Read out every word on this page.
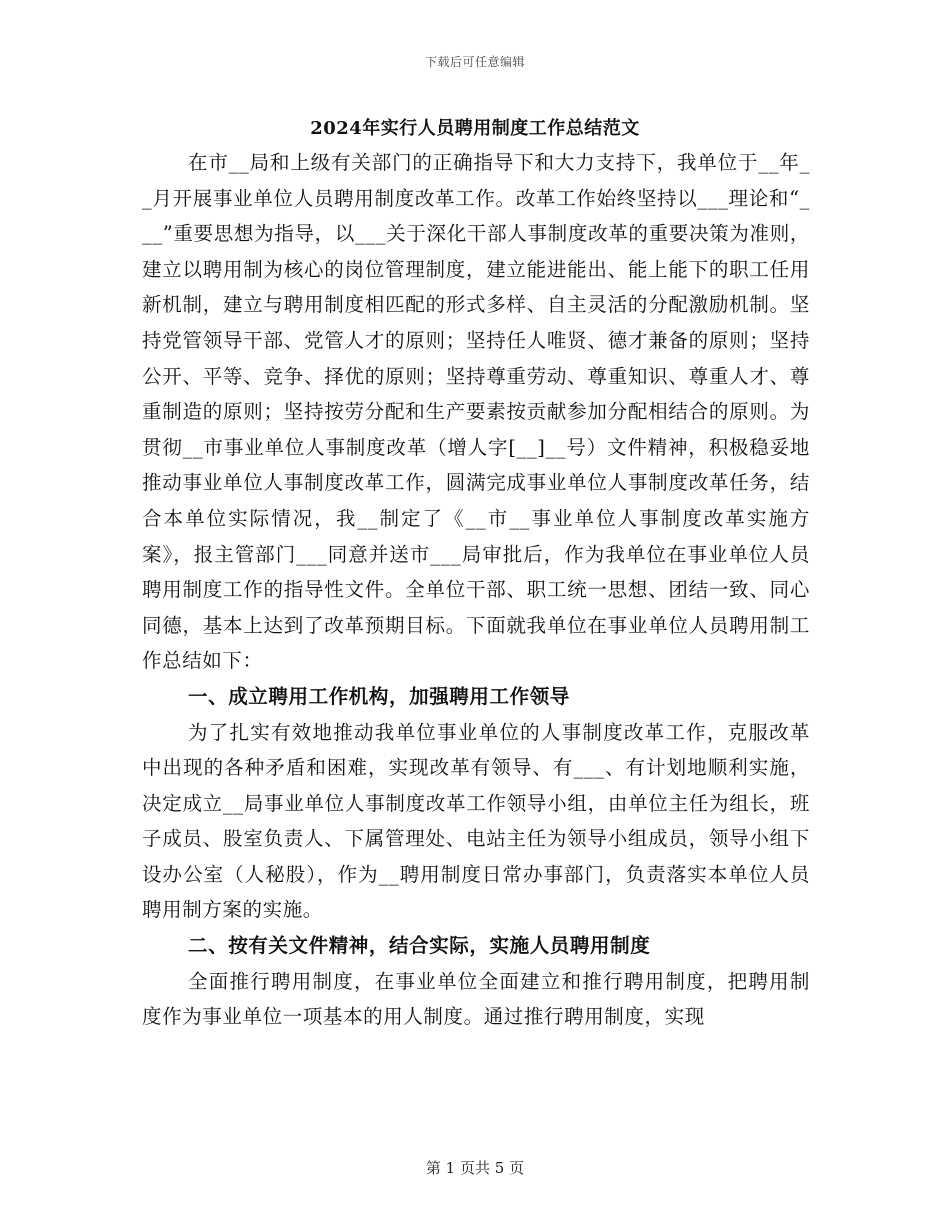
下载后可任意编辑
2024年实行人员聘用制度工作总结范文

在市__局和上级有关部门的正确指导下和大力支持下，我单位于__年__月开展事业单位人员聘用制度改革工作。改革工作始终坚持以___理论和“___”重要思想为指导，以___关于深化干部人事制度改革的重要决策为准则，建立以聘用制为核心的岗位管理制度，建立能进能出、能上能下的职工任用新机制，建立与聘用制度相匹配的形式多样、自主灵活的分配激励机制。坚持党管领导干部、党管人才的原则；坚持任人唯贤、德才兼备的原则；坚持公开、平等、竞争、择优的原则；坚持尊重劳动、尊重知识、尊重人才、尊重制造的原则；坚持按劳分配和生产要素按贡献参加分配相结合的原则。为贯彻__市事业单位人事制度改革（增人字[__]__号）文件精神，积极稳妥地推动事业单位人事制度改革工作，圆满完成事业单位人事制度改革任务，结合本单位实际情况，我__制定了《__市__事业单位人事制度改革实施方案》，报主管部门___同意并送市___局审批后，作为我单位在事业单位人员聘用制度工作的指导性文件。全单位干部、职工统一思想、团结一致、同心同德，基本上达到了改革预期目标。下面就我单位在事业单位人员聘用制工作总结如下：

一、成立聘用工作机构，加强聘用工作领导

为了扎实有效地推动我单位事业单位的人事制度改革工作，克服改革中出现的各种矛盾和困难，实现改革有领导、有___、有计划地顺利实施，决定成立__局事业单位人事制度改革工作领导小组，由单位主任为组长，班子成员、股室负责人、下属管理处、电站主任为领导小组成员，领导小组下设办公室（人秘股），作为__聘用制度日常办事部门，负责落实本单位人员聘用制方案的实施。

二、按有关文件精神，结合实际，实施人员聘用制度

全面推行聘用制度，在事业单位全面建立和推行聘用制度，把聘用制度作为事业单位一项基本的用人制度。通过推行聘用制度，实现

第 1 页共 5 页
